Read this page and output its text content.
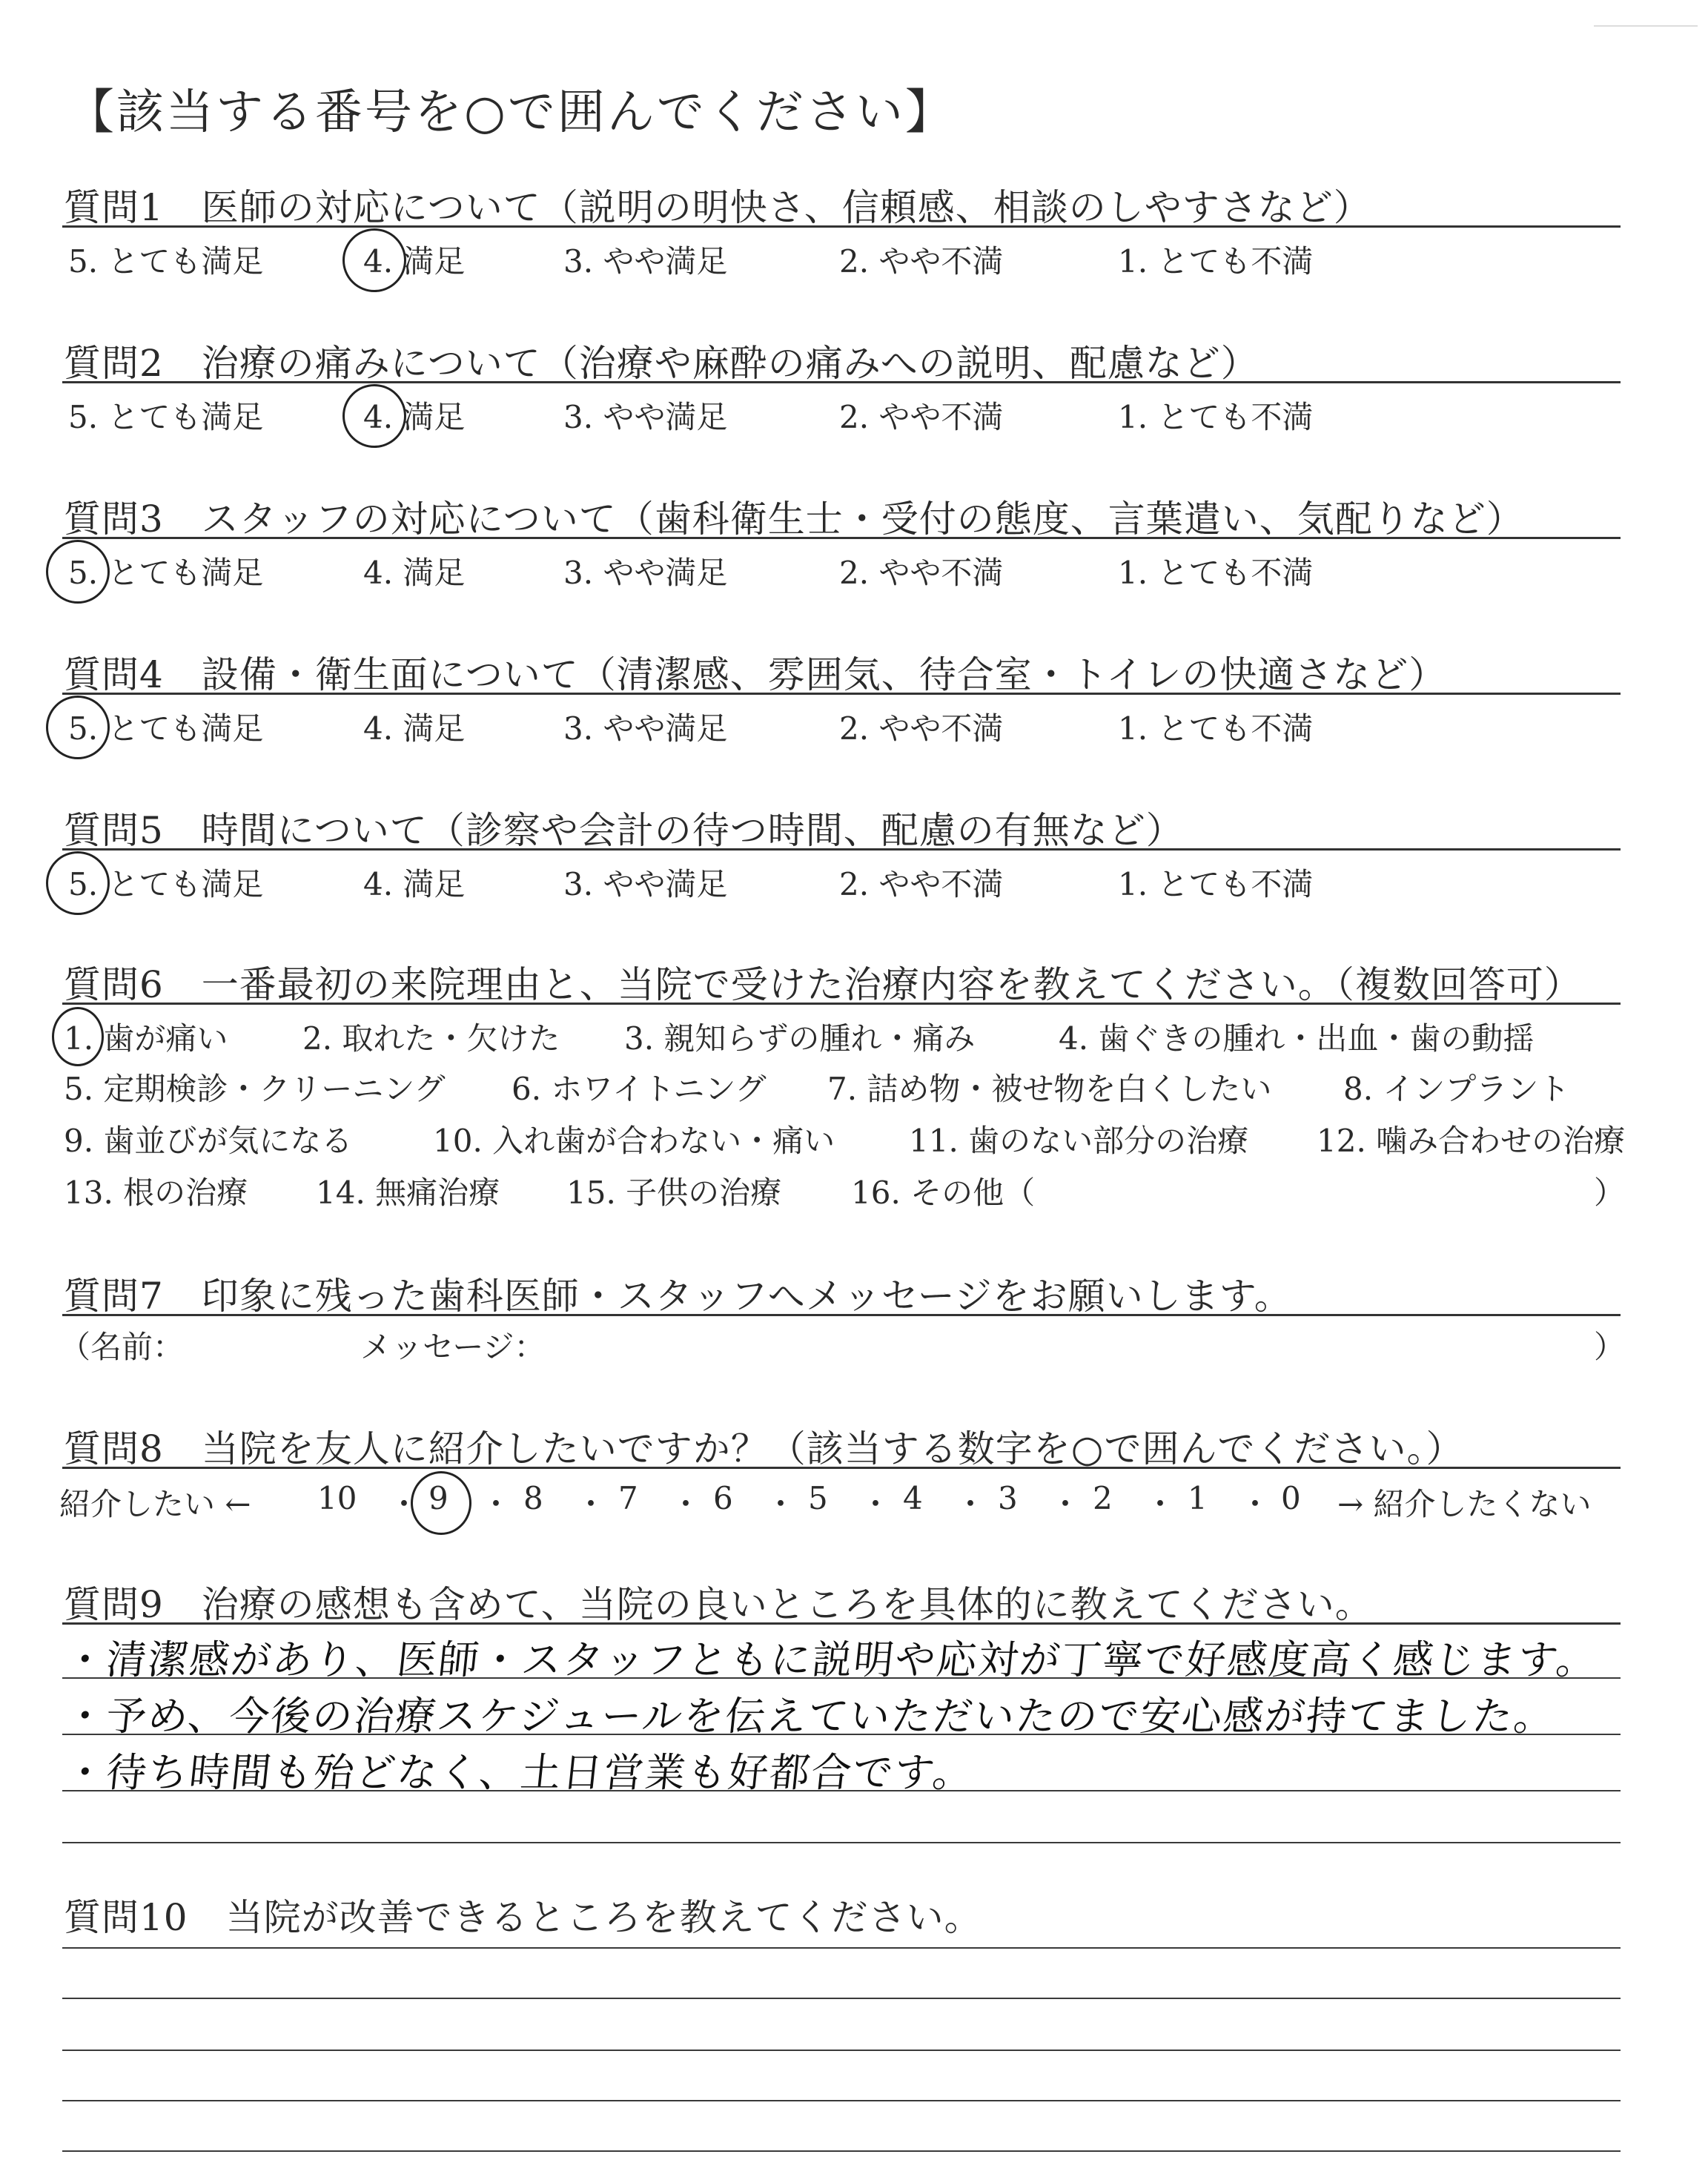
【該当する番号を○で囲んでください】
質問1　医師の対応について（説明の明快さ、信頼感、相談のしやすさなど）
5. とても満足	4. 満足	3. やや満足	2. やや不満	1. とても不満
質問2　治療の痛みについて（治療や麻酔の痛みへの説明、配慮など）
5. とても満足	4. 満足	3. やや満足	2. やや不満	1. とても不満
質問3　スタッフの対応について（歯科衛生士・受付の態度、言葉遣い、気配りなど）
5. とても満足	4. 満足	3. やや満足	2. やや不満	1. とても不満
質問4　設備・衛生面について（清潔感、雰囲気、待合室・トイレの快適さなど）
5. とても満足	4. 満足	3. やや満足	2. やや不満	1. とても不満
質問5　時間について（診察や会計の待つ時間、配慮の有無など）
5. とても満足	4. 満足	3. やや満足	2. やや不満	1. とても不満
質問6　一番最初の来院理由と、当院で受けた治療内容を教えてください。（複数回答可）
1. 歯が痛い 2. 取れた・欠けた 3. 親知らずの腫れ・痛み	4. 歯ぐきの腫れ・出血・歯の動揺
5. 定期検診・クリーニング 6. ホワイトニング 7. 詰め物・被せ物を白くしたい 8. インプラント
9. 歯並びが気になる	10. 入れ歯が合わない・痛い 11. 歯のない部分の治療 12. 噛み合わせの治療
13. 根の治療 14. 無痛治療 15. 子供の治療 16. その他（	）
質問7　印象に残った歯科医師・スタッフへメッセージをお願いします。
（名前：	メッセージ：	）
質問8　当院を友人に紹介したいですか？（該当する数字を○で囲んでください。）
紹介したい ← 10 ・ 9 ・ 8 ・ 7 ・ 6 ・ 5 ・ 4 ・ 3 ・ 2 ・ 1 ・ 0 → 紹介したくない
質問9　治療の感想も含めて、当院の良いところを具体的に教えてください。
・清潔感があり、医師・スタッフともに説明や応対が丁寧で好感度高く感じます。
・予め、今後の治療スケジュールを伝えていただいたので安心感が持てました。
・待ち時間も殆どなく、土日営業も好都合です。
質問10　当院が改善できるところを教えてください。
